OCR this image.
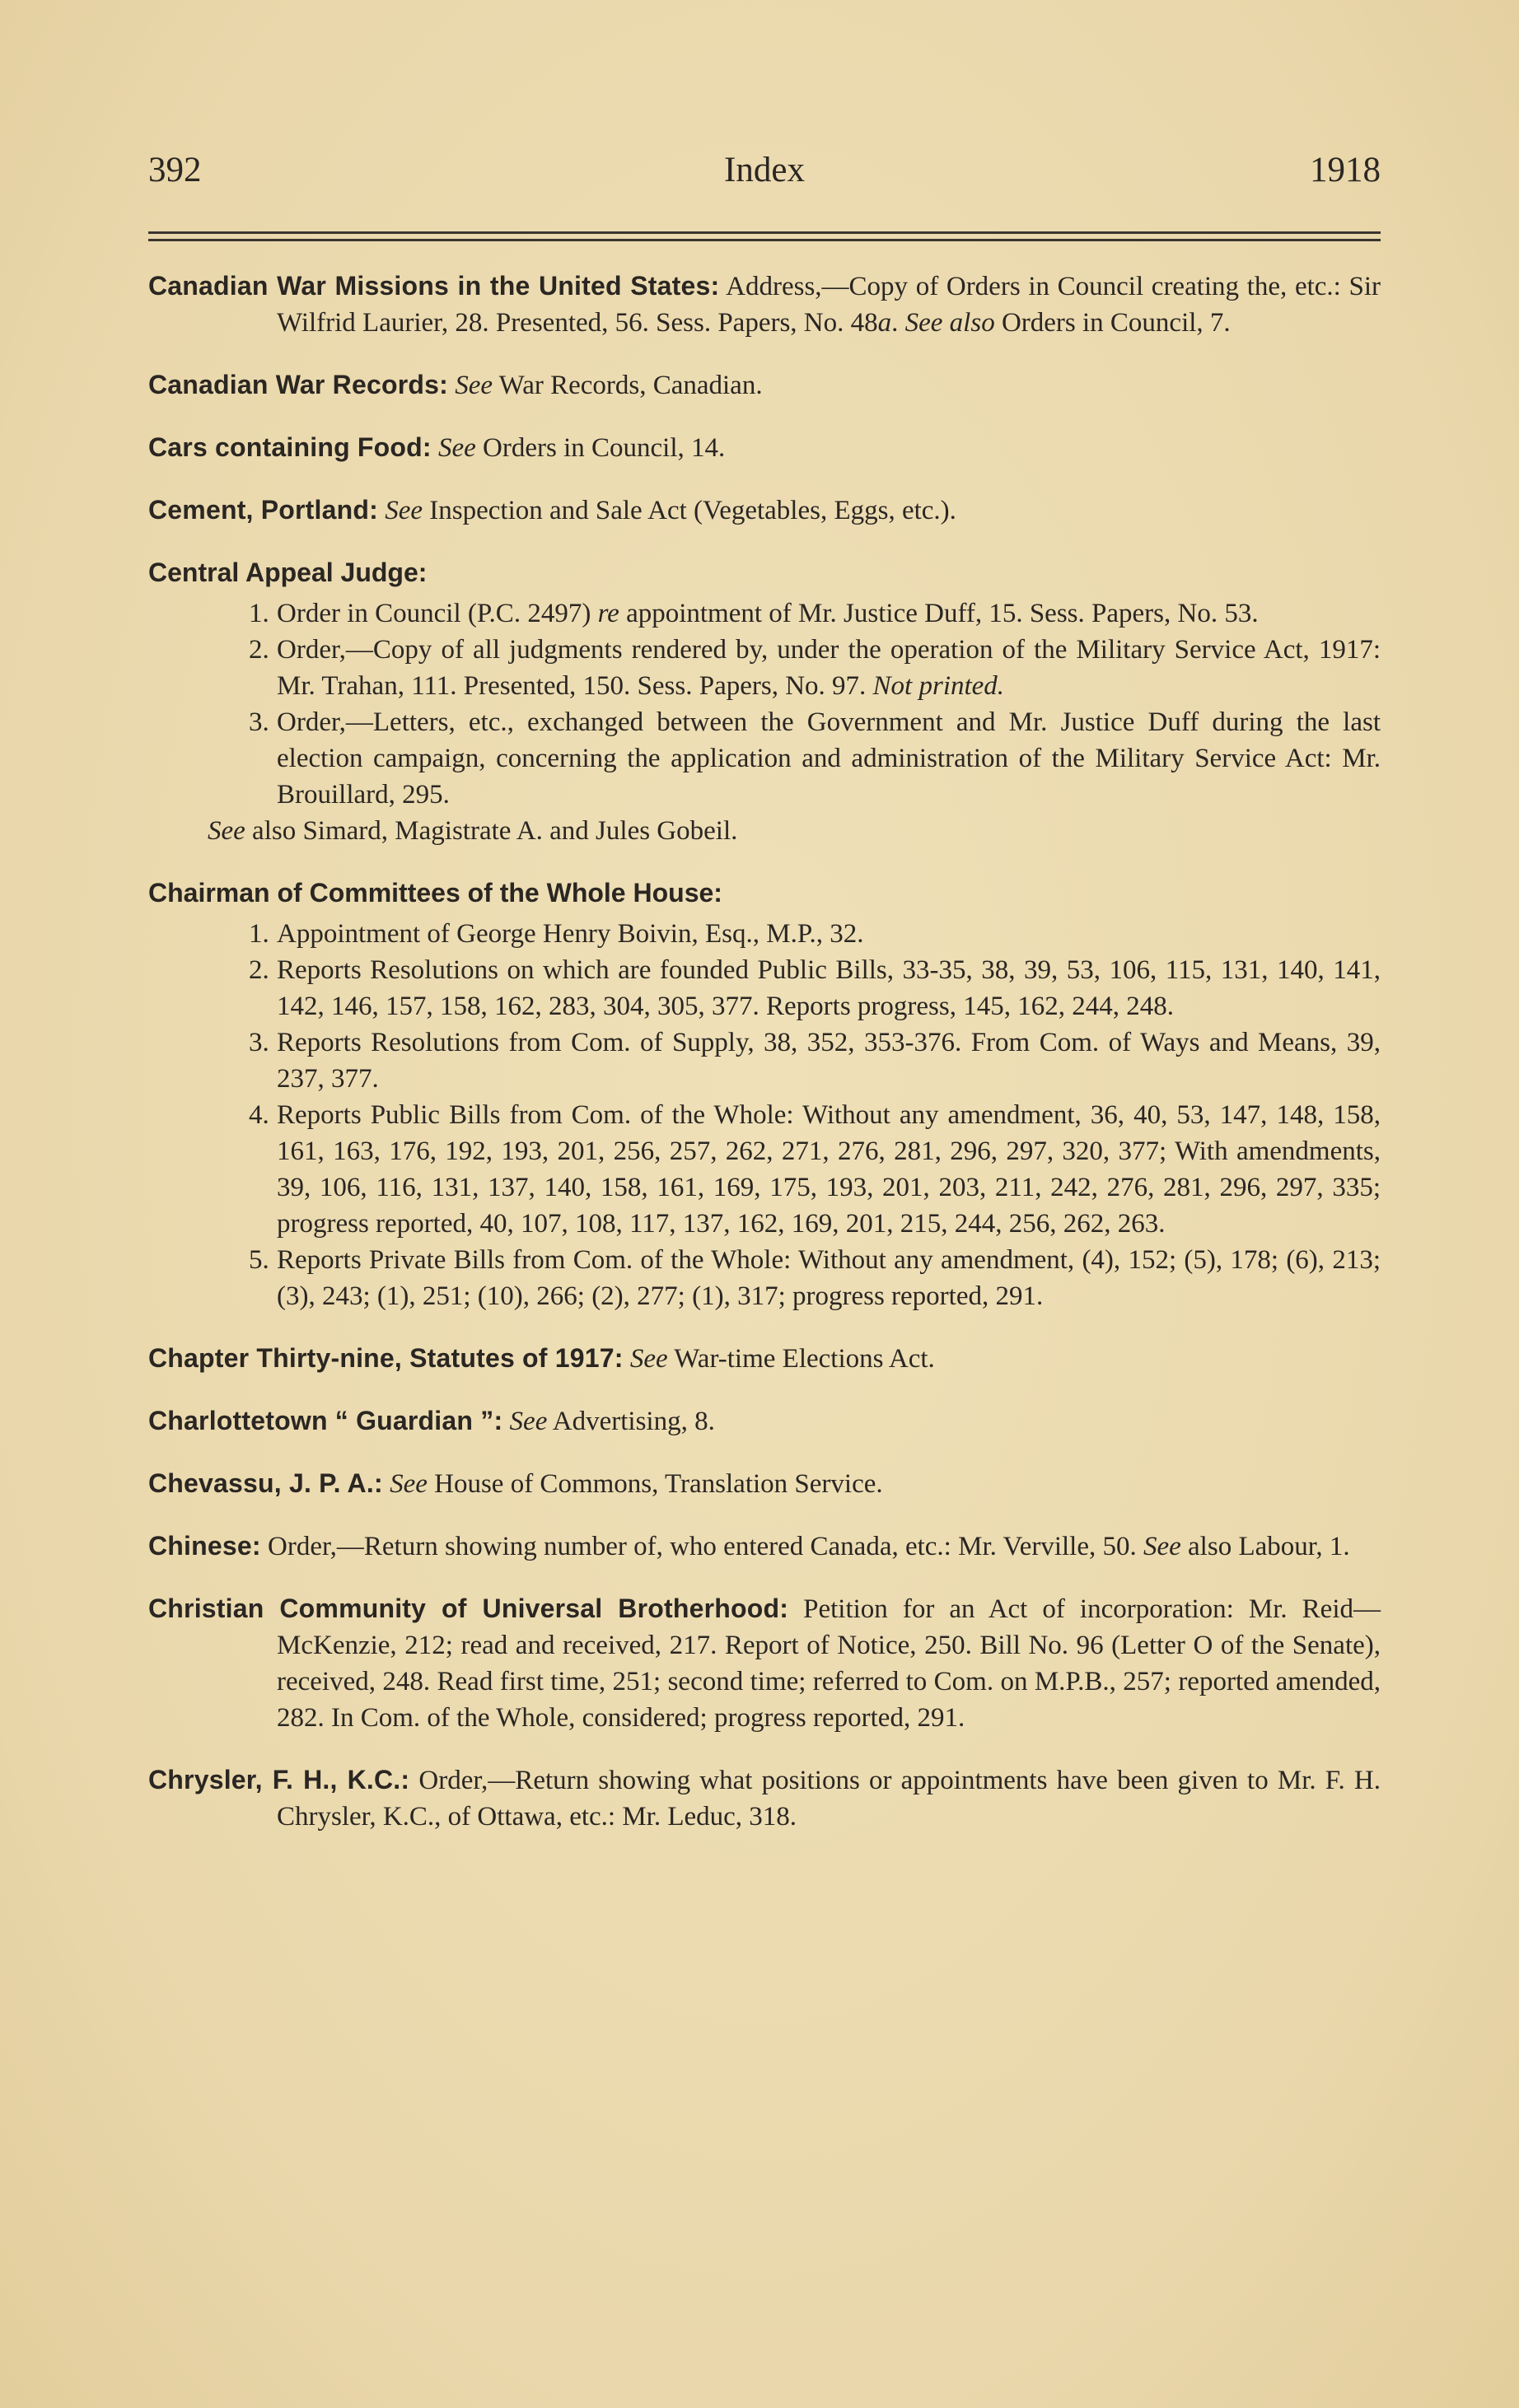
392	Index	1918
Canadian War Missions in the United States: Address,—Copy of Orders in Council creating the, etc.: Sir Wilfrid Laurier, 28. Presented, 56. Sess. Papers, No. 48a. See also Orders in Council, 7.
Canadian War Records: See War Records, Canadian.
Cars containing Food: See Orders in Council, 14.
Cement, Portland: See Inspection and Sale Act (Vegetables, Eggs, etc.).
Central Appeal Judge:
1. Order in Council (P.C. 2497) re appointment of Mr. Justice Duff, 15. Sess. Papers, No. 53.
2. Order,—Copy of all judgments rendered by, under the operation of the Military Service Act, 1917: Mr. Trahan, 111. Presented, 150. Sess. Papers, No. 97. Not printed.
3. Order,—Letters, etc., exchanged between the Government and Mr. Justice Duff during the last election campaign, concerning the application and administration of the Military Service Act: Mr. Brouillard, 295.
See also Simard, Magistrate A. and Jules Gobeil.
Chairman of Committees of the Whole House:
1. Appointment of George Henry Boivin, Esq., M.P., 32.
2. Reports Resolutions on which are founded Public Bills, 33-35, 38, 39, 53, 106, 115, 131, 140, 141, 142, 146, 157, 158, 162, 283, 304, 305, 377. Reports progress, 145, 162, 244, 248.
3. Reports Resolutions from Com. of Supply, 38, 352, 353-376. From Com. of Ways and Means, 39, 237, 377.
4. Reports Public Bills from Com. of the Whole: Without any amendment, 36, 40, 53, 147, 148, 158, 161, 163, 176, 192, 193, 201, 256, 257, 262, 271, 276, 281, 296, 297, 320, 377; With amendments, 39, 106, 116, 131, 137, 140, 158, 161, 169, 175, 193, 201, 203, 211, 242, 276, 281, 296, 297, 335; progress reported, 40, 107, 108, 117, 137, 162, 169, 201, 215, 244, 256, 262, 263.
5. Reports Private Bills from Com. of the Whole: Without any amendment, (4), 152; (5), 178; (6), 213; (3), 243; (1), 251; (10), 266; (2), 277; (1), 317; progress reported, 291.
Chapter Thirty-nine, Statutes of 1917: See War-time Elections Act.
Charlottetown “ Guardian ”: See Advertising, 8.
Chevassu, J. P. A.: See House of Commons, Translation Service.
Chinese: Order,—Return showing number of, who entered Canada, etc.: Mr. Verville, 50. See also Labour, 1.
Christian Community of Universal Brotherhood: Petition for an Act of incorporation: Mr. Reid—McKenzie, 212; read and received, 217. Report of Notice, 250. Bill No. 96 (Letter O of the Senate), received, 248. Read first time, 251; second time; referred to Com. on M.P.B., 257; reported amended, 282. In Com. of the Whole, considered; progress reported, 291.
Chrysler, F. H., K.C.: Order,—Return showing what positions or appointments have been given to Mr. F. H. Chrysler, K.C., of Ottawa, etc.: Mr. Leduc, 318.
